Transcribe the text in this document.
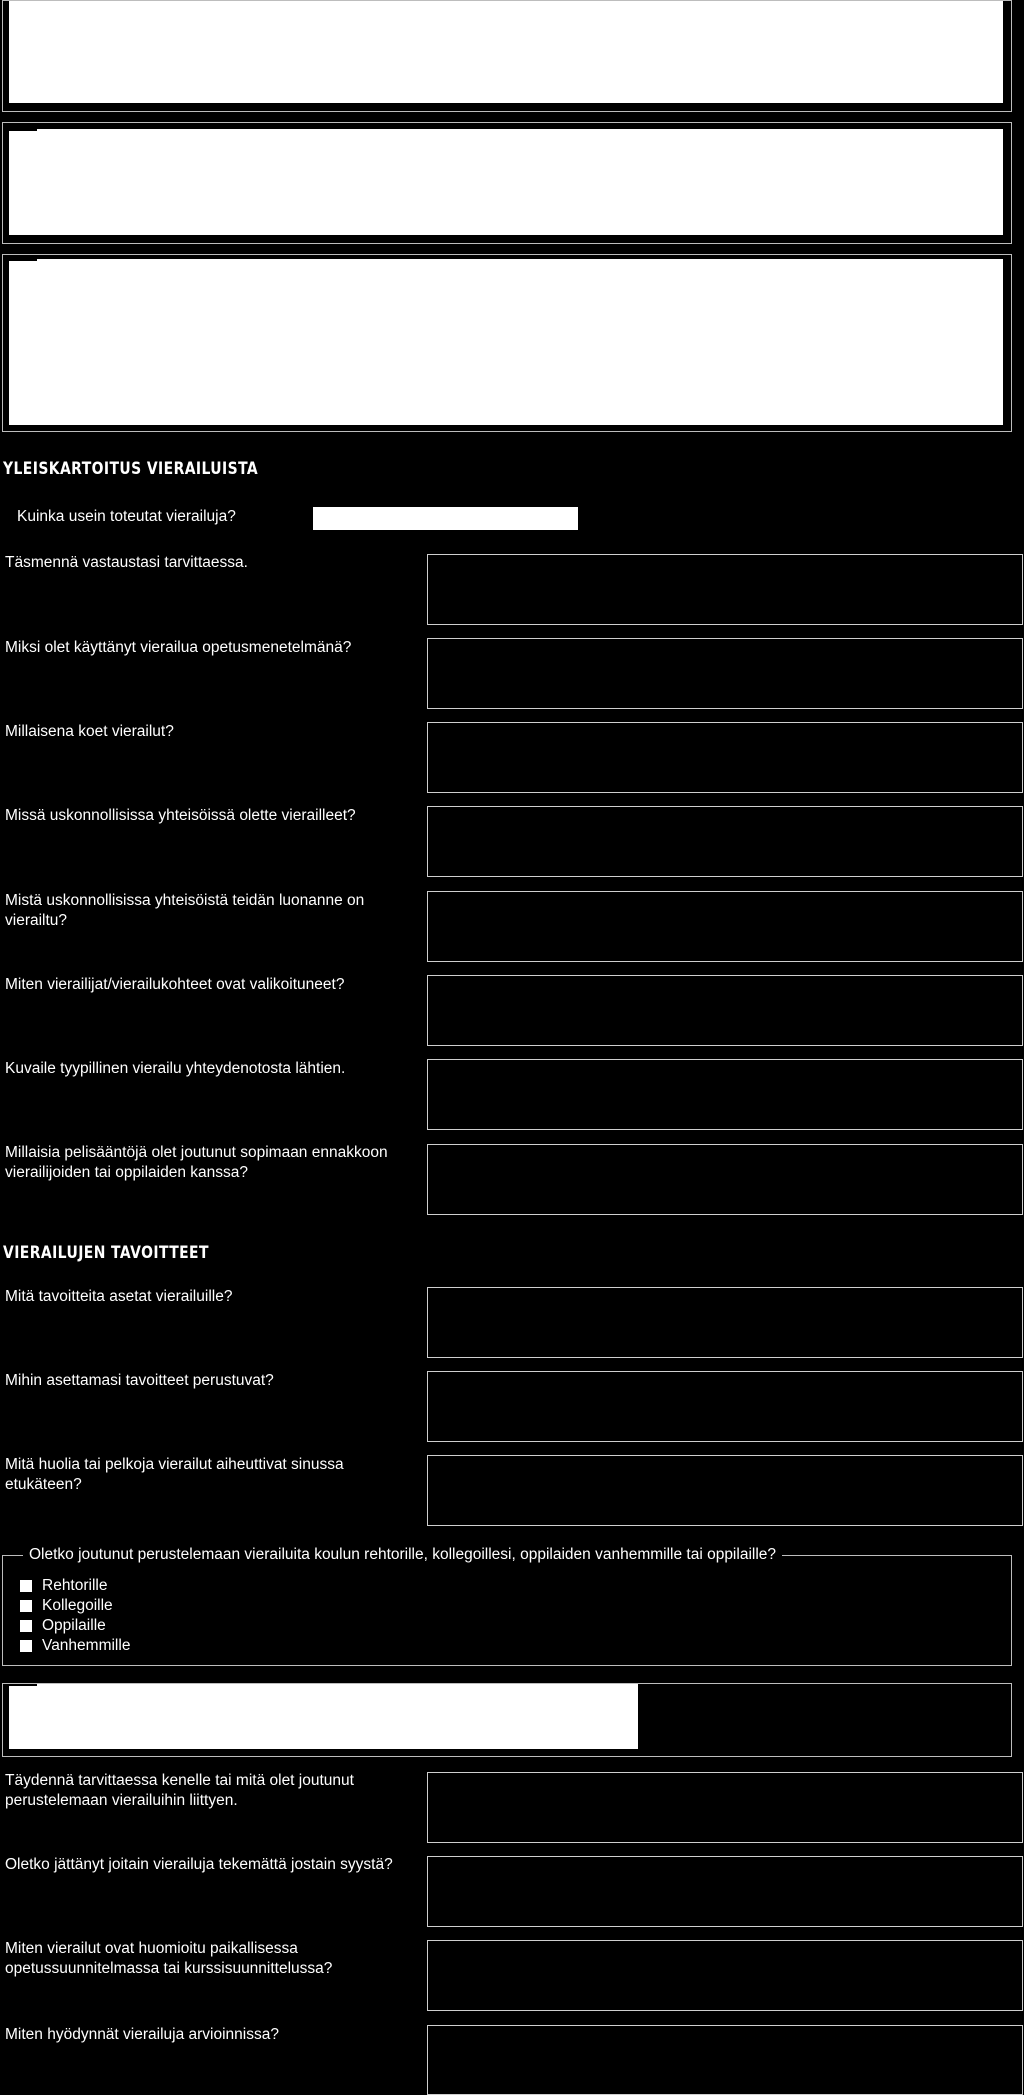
YLEISKARTOITUS VIERAILUISTA
Kuinka usein toteutat vierailuja?
Täsmennä vastaustasi tarvittaessa.
Miksi olet käyttänyt vierailua opetusmenetelmänä?
Millaisena koet vierailut?
Missä uskonnollisissa yhteisöissä olette vierailleet?
Mistä uskonnollisissa yhteisöistä teidän luonanne on vierailtu?
Miten vierailijat/vierailukohteet ovat valikoituneet?
Kuvaile tyypillinen vierailu yhteydenotosta lähtien.
Millaisia pelisääntöjä olet joutunut sopimaan ennakkoon vierailijoiden tai oppilaiden kanssa?
VIERAILUJEN TAVOITTEET
Mitä tavoitteita asetat vierailuille?
Mihin asettamasi tavoitteet perustuvat?
Mitä huolia tai pelkoja vierailut aiheuttivat sinussa etukäteen?
Oletko joutunut perustelemaan vierailuita koulun rehtorille, kollegoillesi, oppilaiden vanhemmille tai oppilaille?
Rehtorille
Kollegoille
Oppilaille
Vanhemmille
Täydennä tarvittaessa kenelle tai mitä olet joutunut perustelemaan vierailuihin liittyen.
Oletko jättänyt joitain vierailuja tekemättä jostain syystä?
Miten vierailut ovat huomioitu paikallisessa opetussuunnitelmassa tai kurssisuunnittelussa?
Miten hyödynnät vierailuja arvioinnissa?
